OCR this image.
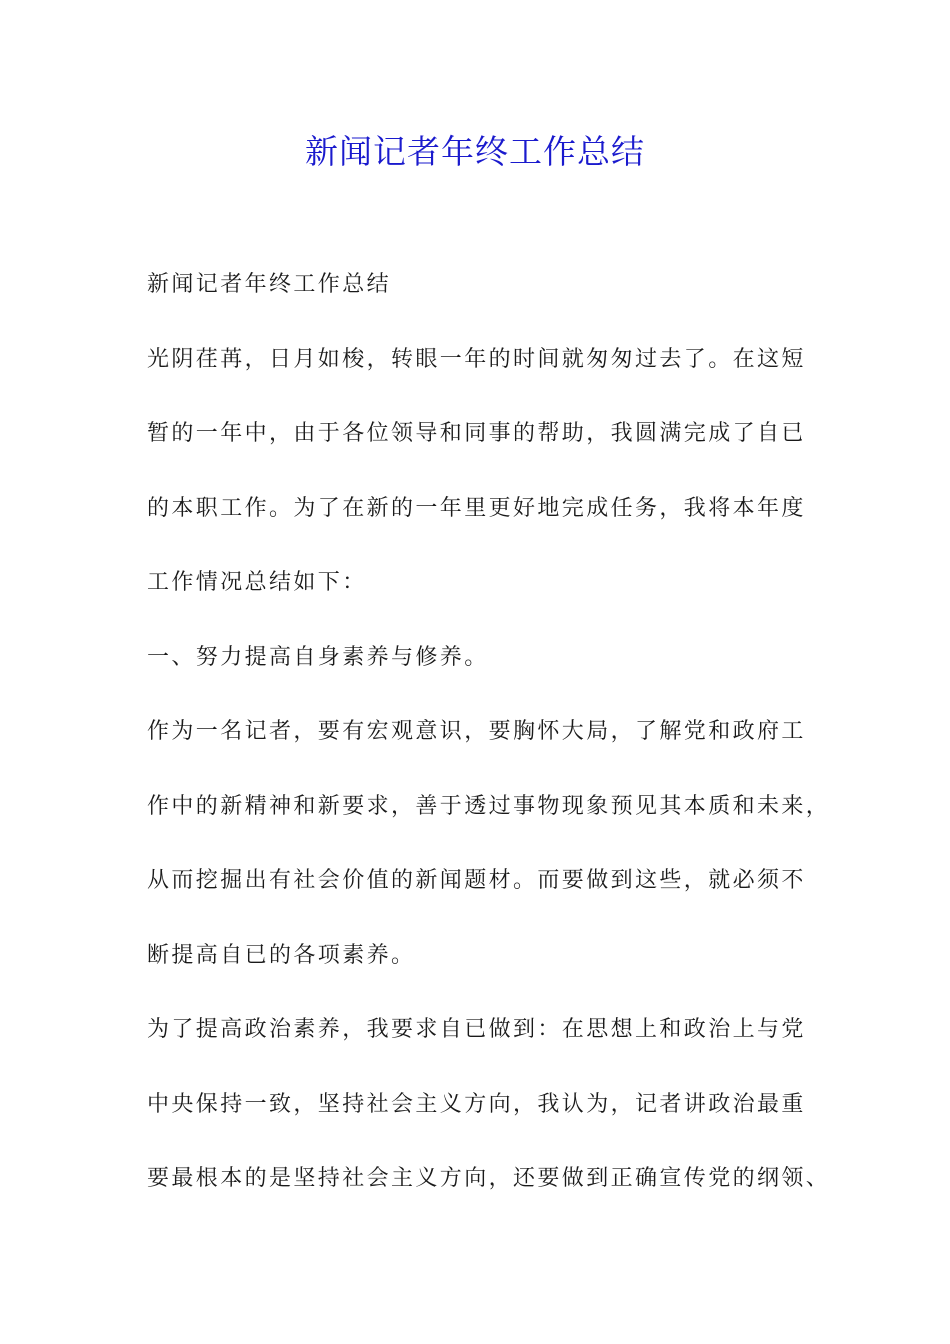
新闻记者年终工作总结
新闻记者年终工作总结
光阴荏苒，日月如梭，转眼一年的时间就匆匆过去了。在这短
暂的一年中，由于各位领导和同事的帮助，我圆满完成了自已
的本职工作。为了在新的一年里更好地完成任务，我将本年度
工作情况总结如下：
一、努力提高自身素养与修养。
作为一名记者，要有宏观意识，要胸怀大局，了解党和政府工
作中的新精神和新要求，善于透过事物现象预见其本质和未来，
从而挖掘出有社会价值的新闻题材。而要做到这些，就必须不
断提高自已的各项素养。
为了提高政治素养，我要求自已做到：在思想上和政治上与党
中央保持一致，坚持社会主义方向，我认为，记者讲政治最重
要最根本的是坚持社会主义方向，还要做到正确宣传党的纲领、
